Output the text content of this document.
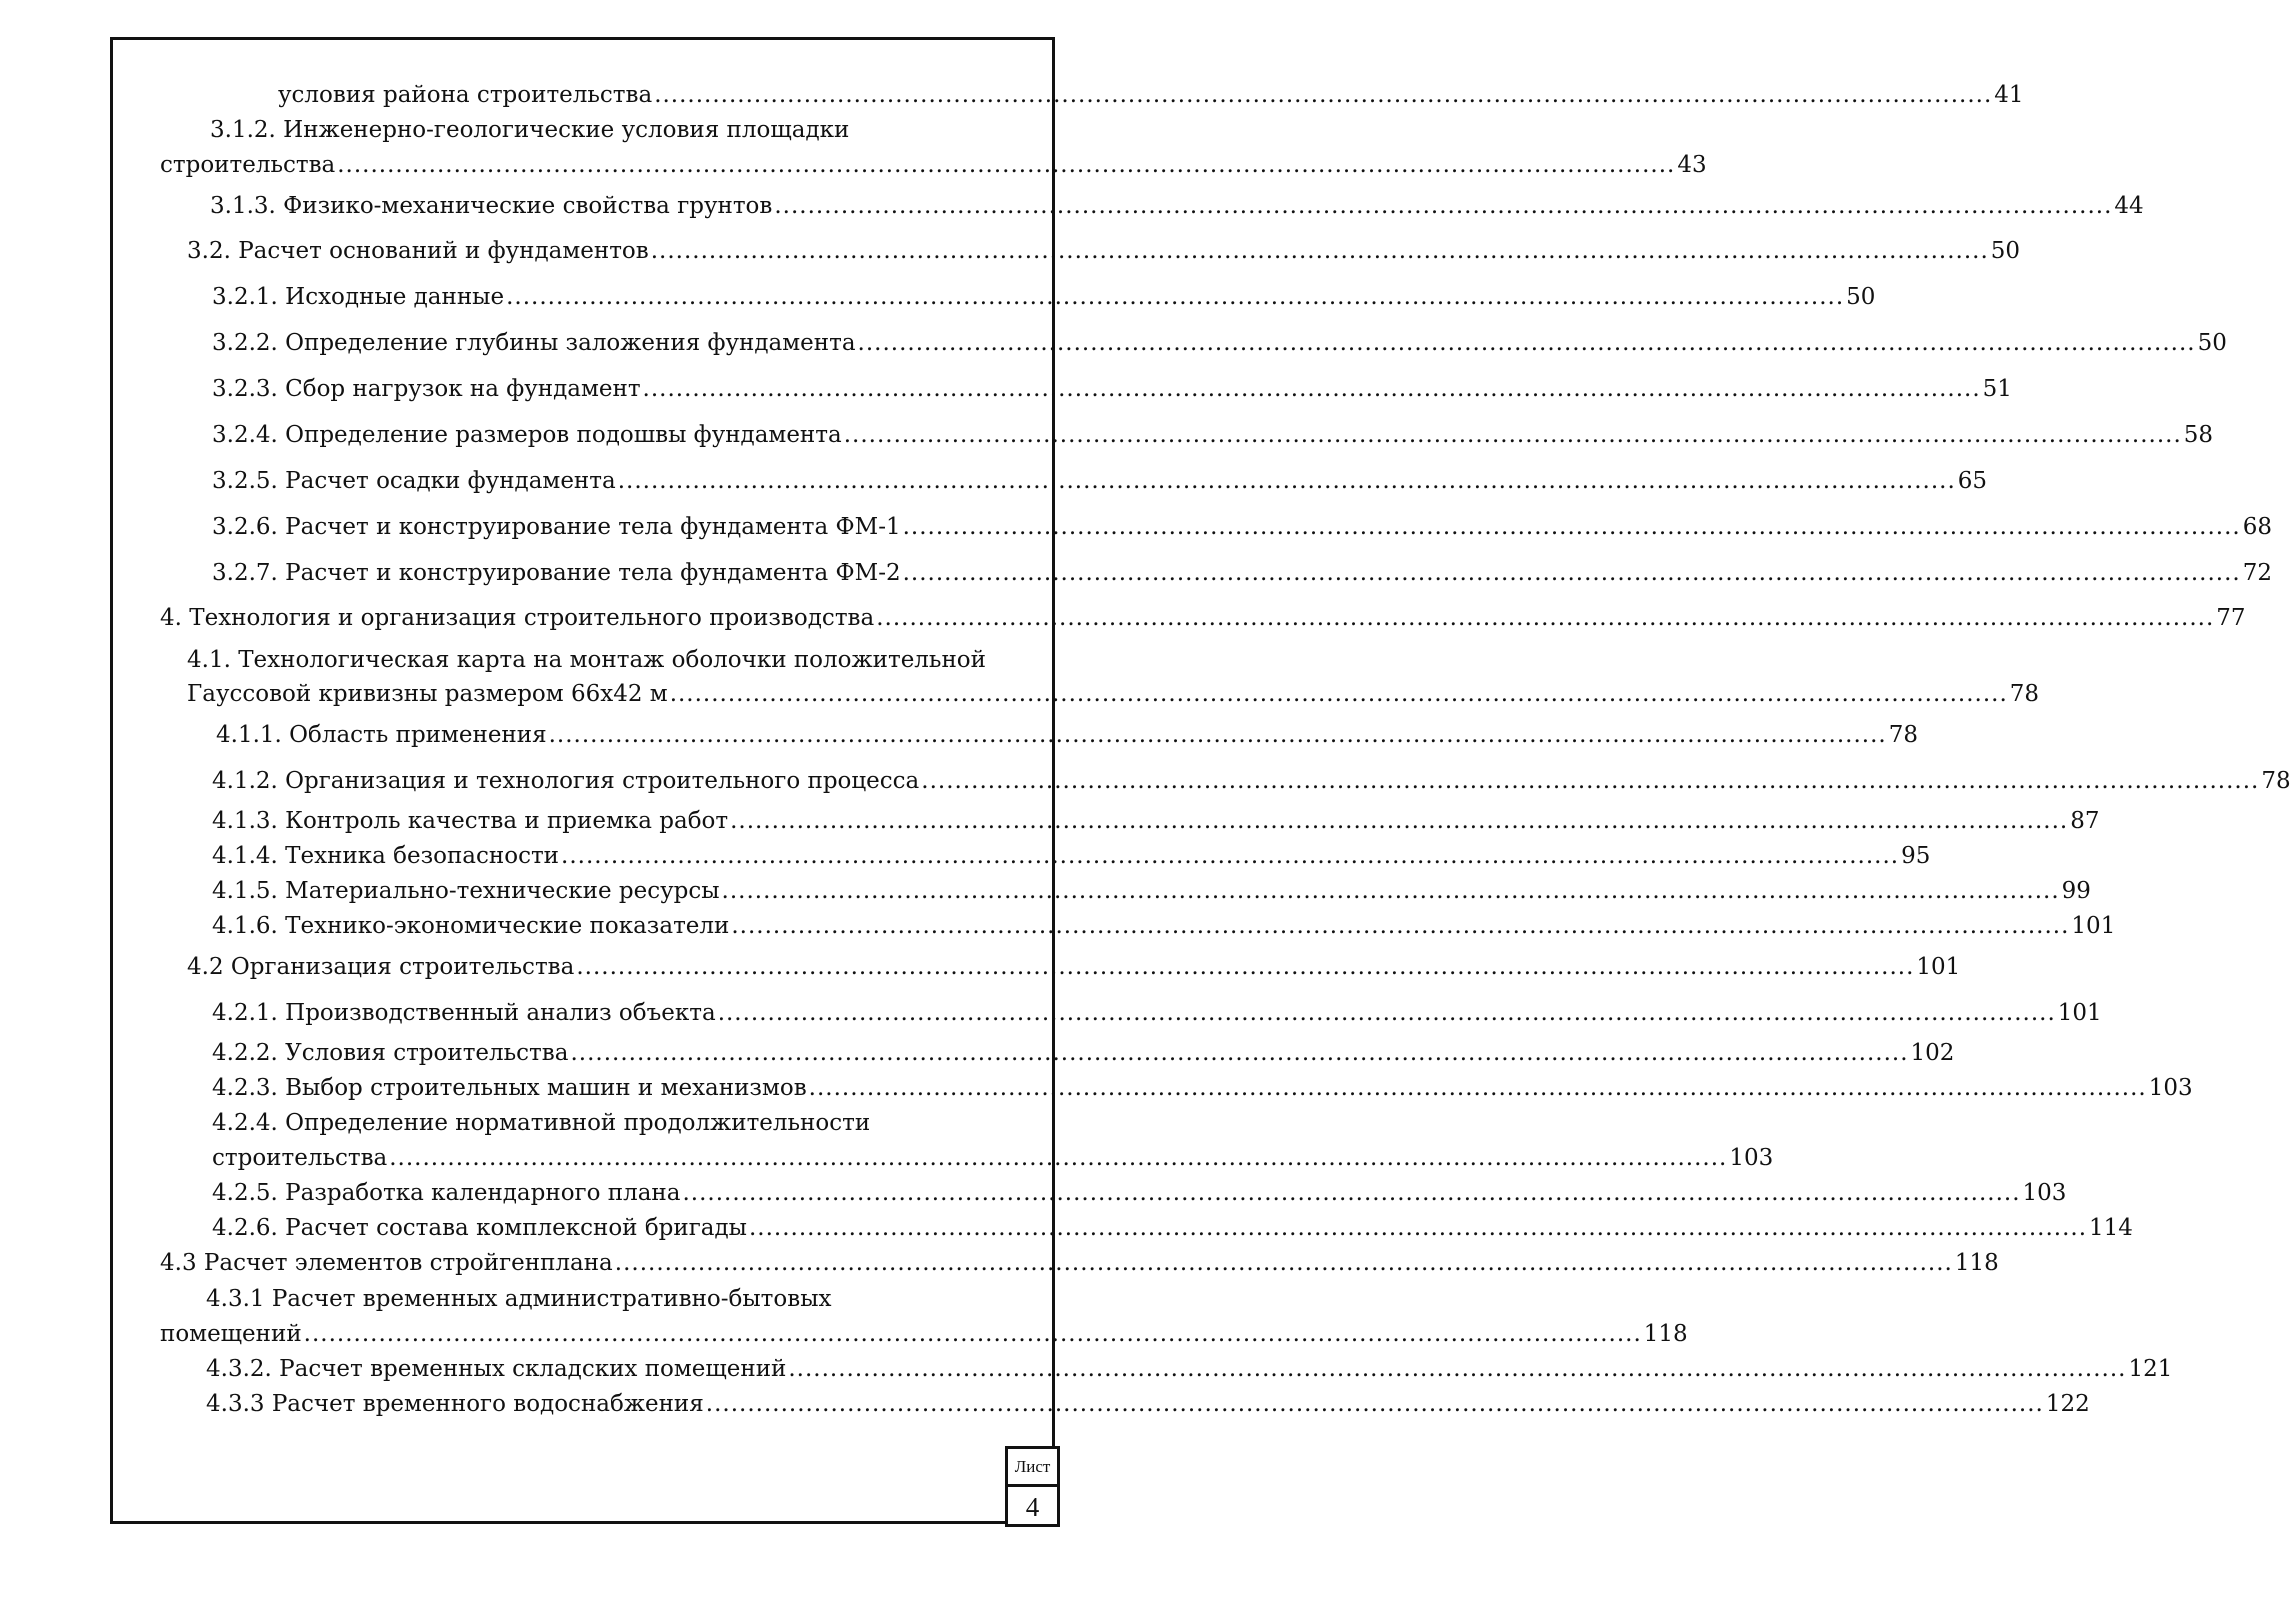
условия района строительства ................................................................................................................................................................. 41
3.1.2. Инженерно-геологические условия площадки
строительства ................................................................................................................................................................. 43
3.1.3. Физико-механические свойства грунтов ................................................................................................................................................................. 44
3.2. Расчет оснований и фундаментов ................................................................................................................................................................. 50
3.2.1. Исходные данные ................................................................................................................................................................. 50
3.2.2. Определение глубины заложения фундамента ................................................................................................................................................................. 50
3.2.3. Сбор нагрузок на фундамент ................................................................................................................................................................. 51
3.2.4. Определение размеров подошвы фундамента ................................................................................................................................................................. 58
3.2.5. Расчет осадки фундамента ................................................................................................................................................................. 65
3.2.6. Расчет и конструирование тела фундамента ФМ-1 ................................................................................................................................................................. 68
3.2.7. Расчет и конструирование тела фундамента ФМ-2 ................................................................................................................................................................. 72
4. Технология и организация строительного производства ................................................................................................................................................................. 77
4.1. Технологическая карта на монтаж оболочки положительной
Гауссовой кривизны размером 66x42 м ................................................................................................................................................................. 78
4.1.1. Область применения ................................................................................................................................................................. 78
4.1.2. Организация и технология строительного процесса ................................................................................................................................................................. 78
4.1.3. Контроль качества и приемка работ ................................................................................................................................................................. 87
4.1.4. Техника безопасности ................................................................................................................................................................. 95
4.1.5. Материально-технические ресурсы ................................................................................................................................................................. 99
4.1.6. Технико-экономические показатели ................................................................................................................................................................. 101
4.2 Организация строительства ................................................................................................................................................................. 101
4.2.1. Производственный анализ объекта ................................................................................................................................................................. 101
4.2.2. Условия строительства ................................................................................................................................................................. 102
4.2.3. Выбор строительных машин и механизмов ................................................................................................................................................................. 103
4.2.4. Определение нормативной продолжительности
строительства ................................................................................................................................................................. 103
4.2.5. Разработка календарного плана ................................................................................................................................................................. 103
4.2.6. Расчет состава комплексной бригады ................................................................................................................................................................. 114
4.3 Расчет элементов стройгенплана ................................................................................................................................................................. 118
4.3.1 Расчет временных административно-бытовых
помещений ................................................................................................................................................................. 118
4.3.2. Расчет временных складских помещений ................................................................................................................................................................. 121
4.3.3 Расчет временного водоснабжения ................................................................................................................................................................. 122
Лист
4
